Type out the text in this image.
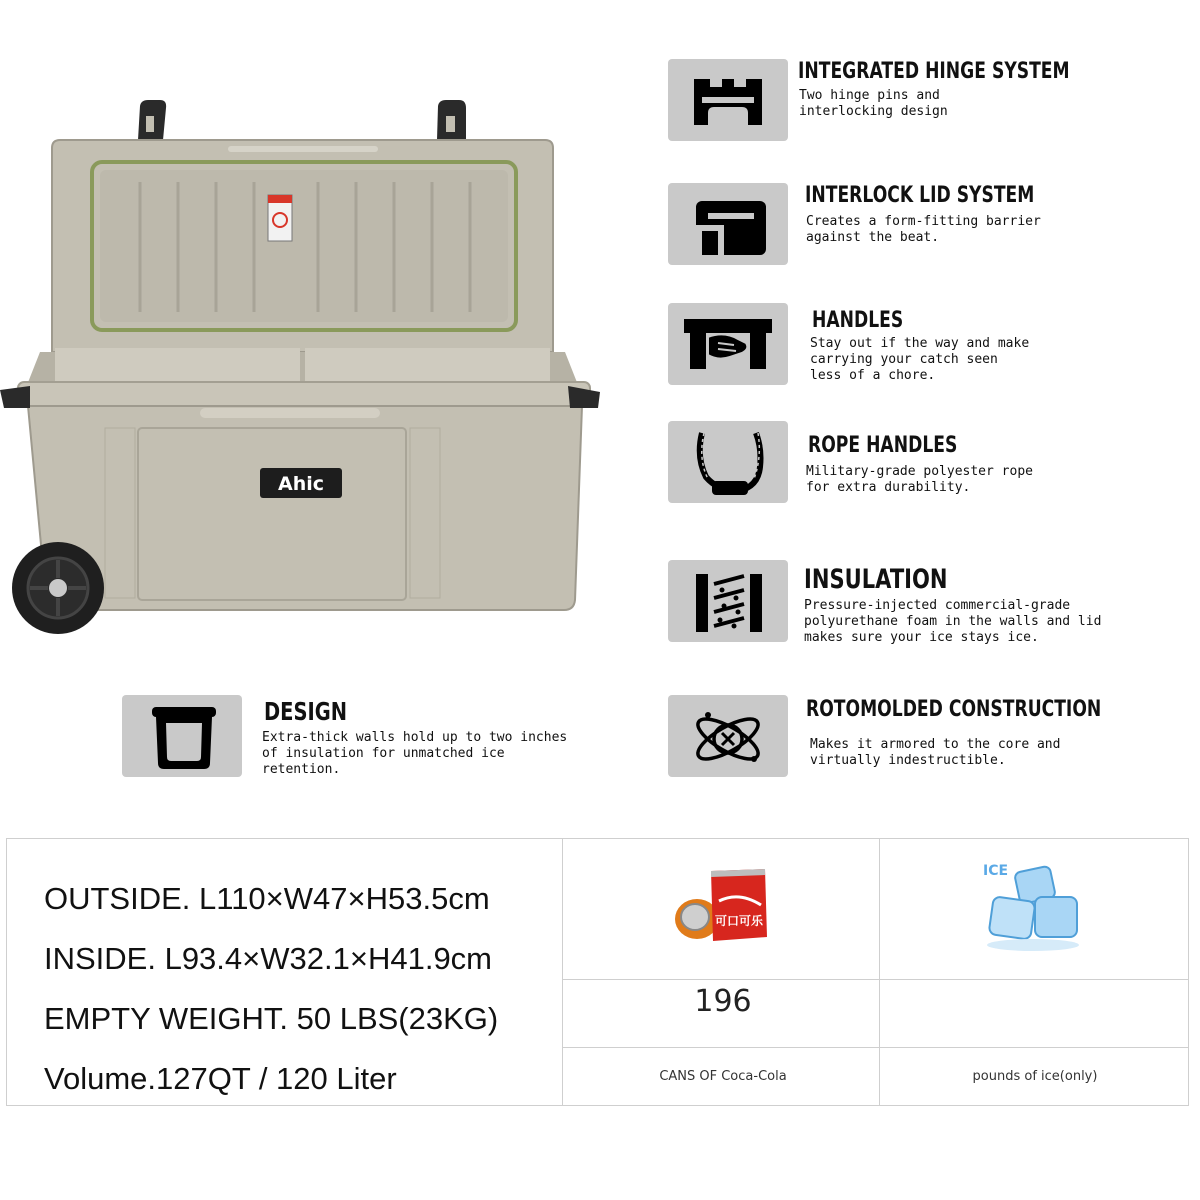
Ahic
INTEGRATED HINGE SYSTEM
Two hinge pins and
interlocking design
INTERLOCK LID SYSTEM
Creates a form-fitting barrier
against the beat.
HANDLES
Stay out if the way and make
carrying your catch seen
less of a chore.
ROPE HANDLES
Military-grade polyester rope
for extra durability.
INSULATION
Pressure-injected commercial-grade
polyurethane foam in the walls and lid
makes sure your ice stays ice.
DESIGN
Extra-thick walls hold up to two inches
of insulation for unmatched ice
retention.
ROTOMOLDED CONSTRUCTION
Makes it armored to the core and
virtually indestructible.
OUTSIDE. L110×W47×H53.5cm
INSIDE. L93.4×W32.1×H41.9cm
EMPTY WEIGHT. 50 LBS(23KG)
Volume.127QT / 120 Liter
可口可乐
196
CANS OF Coca-Cola
ICE
pounds of ice(only)
